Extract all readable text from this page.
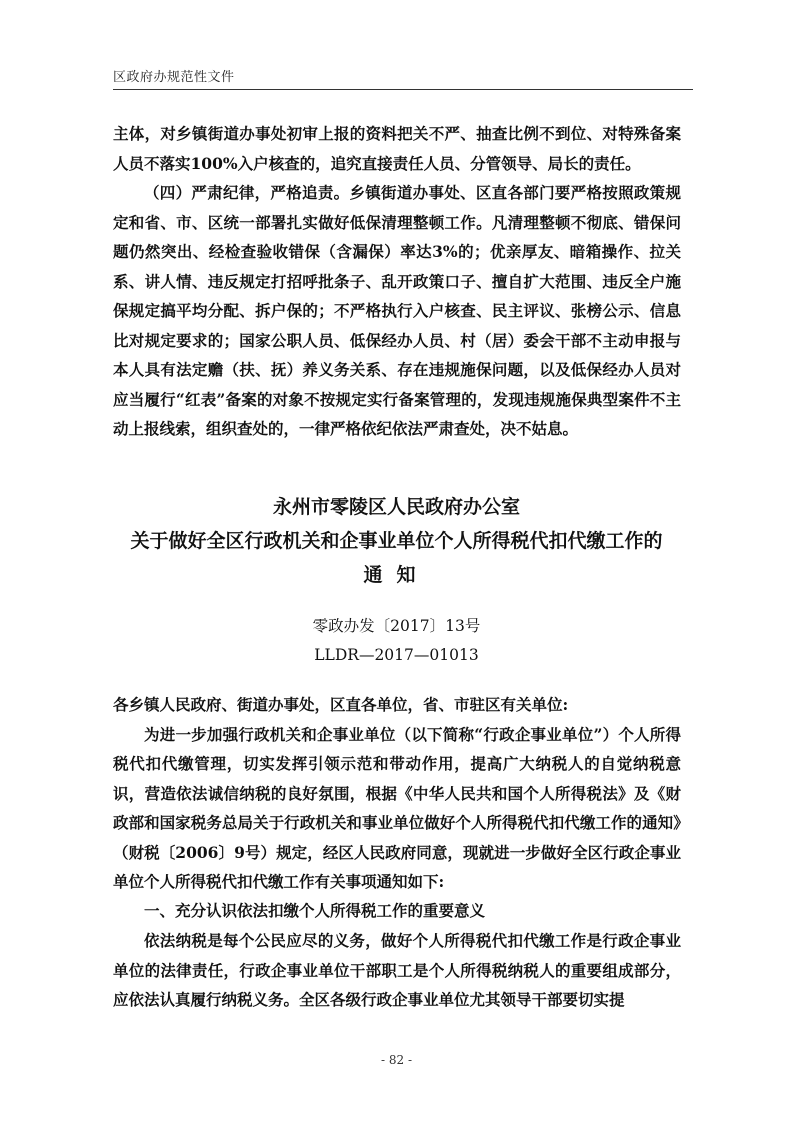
区政府办规范性文件

主体，对乡镇街道办事处初审上报的资料把关不严、抽查比例不到位、对特殊备案人员不落实100%入户核查的，追究直接责任人员、分管领导、局长的责任。

（四）严肃纪律，严格追责。乡镇街道办事处、区直各部门要严格按照政策规定和省、市、区统一部署扎实做好低保清理整顿工作。凡清理整顿不彻底、错保问题仍然突出、经检查验收错保（含漏保）率达3%的；优亲厚友、暗箱操作、拉关系、讲人情、违反规定打招呼批条子、乱开政策口子、擅自扩大范围、违反全户施保规定搞平均分配、拆户保的；不严格执行入户核查、民主评议、张榜公示、信息比对规定要求的；国家公职人员、低保经办人员、村（居）委会干部不主动申报与本人具有法定赡（扶、抚）养义务关系、存在违规施保问题，以及低保经办人员对应当履行“红表”备案的对象不按规定实行备案管理的，发现违规施保典型案件不主动上报线索，组织查处的，一律严格依纪依法严肃查处，决不姑息。

永州市零陵区人民政府办公室

关于做好全区行政机关和企事业单位个人所得税代扣代缴工作的

通知

零政办发〔2017〕13号
LLDR—2017—01013

各乡镇人民政府、街道办事处，区直各单位，省、市驻区有关单位:

为进一步加强行政机关和企事业单位（以下简称“行政企事业单位”）个人所得税代扣代缴管理，切实发挥引领示范和带动作用，提高广大纳税人的自觉纳税意识，营造依法诚信纳税的良好氛围，根据《中华人民共和国个人所得税法》及《财政部和国家税务总局关于行政机关和事业单位做好个人所得税代扣代缴工作的通知》（财税〔2006〕9号）规定，经区人民政府同意，现就进一步做好全区行政企事业单位个人所得税代扣代缴工作有关事项通知如下:

一、充分认识依法扣缴个人所得税工作的重要意义

依法纳税是每个公民应尽的义务，做好个人所得税代扣代缴工作是行政企事业单位的法律责任，行政企事业单位干部职工是个人所得税纳税人的重要组成部分，应依法认真履行纳税义务。全区各级行政企事业单位尤其领导干部要切实提

- 82 -
